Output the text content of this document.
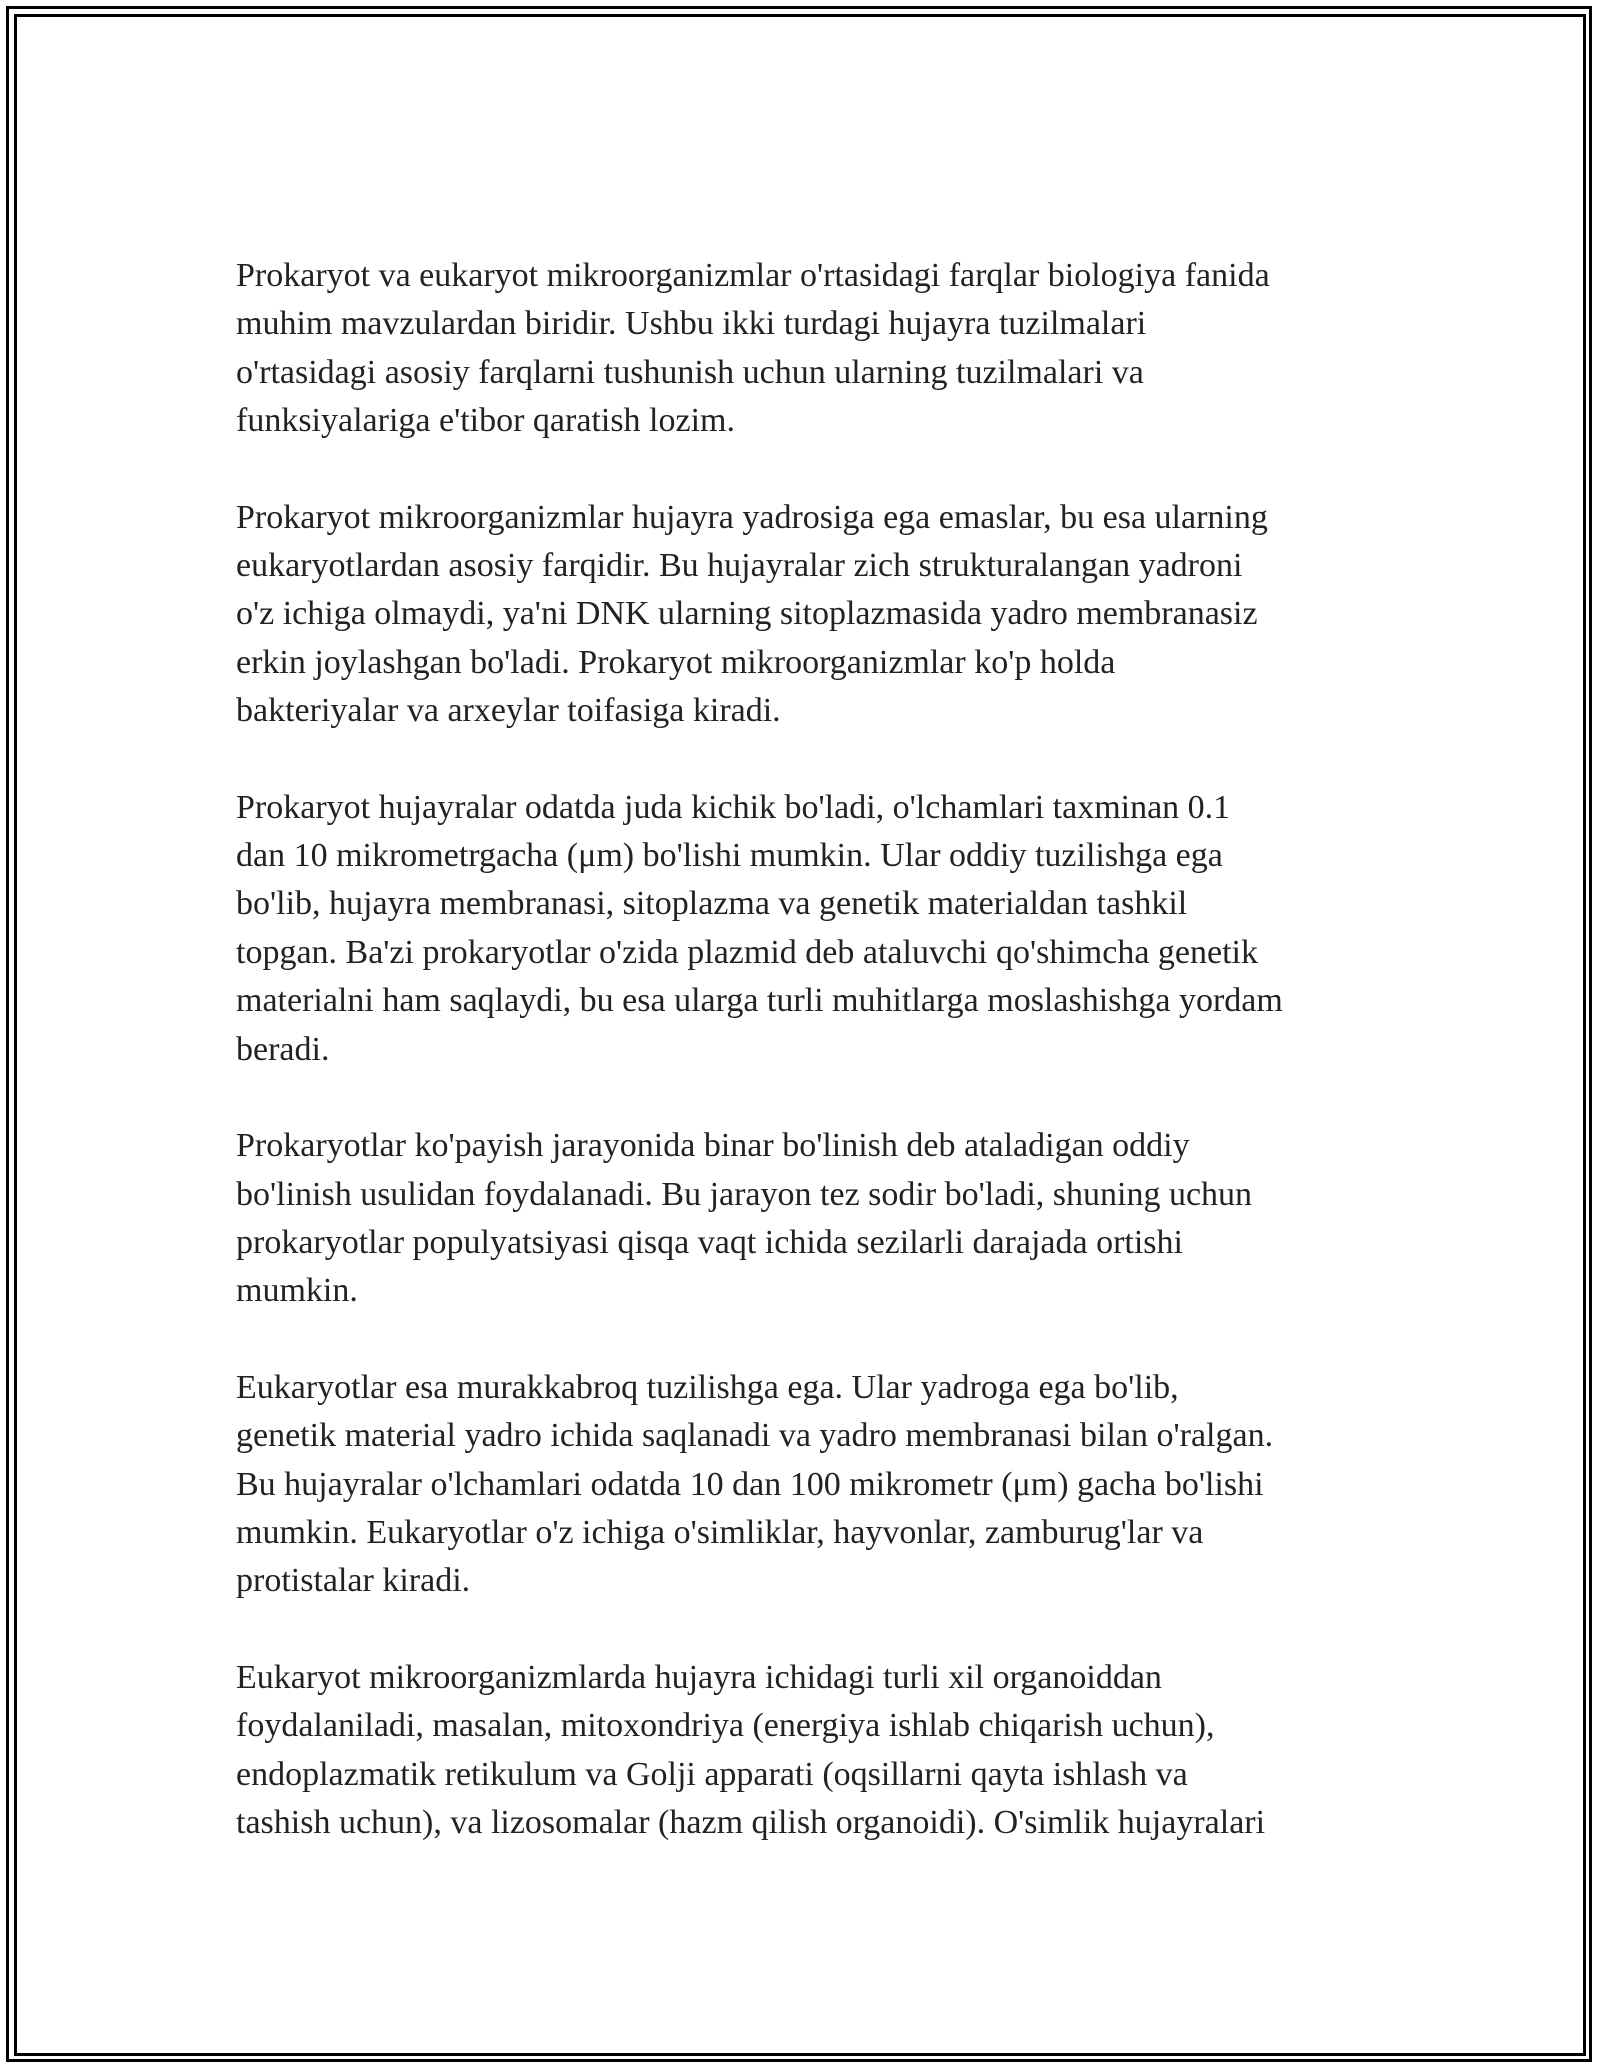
Prokaryot va eukaryot mikroorganizmlar o'rtasidagi farqlar biologiya fanida
muhim mavzulardan biridir. Ushbu ikki turdagi hujayra tuzilmalari
o'rtasidagi asosiy farqlarni tushunish uchun ularning tuzilmalari va
funksiyalariga e'tibor qaratish lozim.

Prokaryot mikroorganizmlar hujayra yadrosiga ega emaslar, bu esa ularning
eukaryotlardan asosiy farqidir. Bu hujayralar zich strukturalangan yadroni
o'z ichiga olmaydi, ya'ni DNK ularning sitoplazmasida yadro membranasiz
erkin joylashgan bo'ladi. Prokaryot mikroorganizmlar ko'p holda
bakteriyalar va arxeylar toifasiga kiradi.

Prokaryot hujayralar odatda juda kichik bo'ladi, o'lchamlari taxminan 0.1
dan 10 mikrometrgacha (μm) bo'lishi mumkin. Ular oddiy tuzilishga ega
bo'lib, hujayra membranasi, sitoplazma va genetik materialdan tashkil
topgan. Ba'zi prokaryotlar o'zida plazmid deb ataluvchi qo'shimcha genetik
materialni ham saqlaydi, bu esa ularga turli muhitlarga moslashishga yordam
beradi.

Prokaryotlar ko'payish jarayonida binar bo'linish deb ataladigan oddiy
bo'linish usulidan foydalanadi. Bu jarayon tez sodir bo'ladi, shuning uchun
prokaryotlar populyatsiyasi qisqa vaqt ichida sezilarli darajada ortishi
mumkin.

Eukaryotlar esa murakkabroq tuzilishga ega. Ular yadroga ega bo'lib,
genetik material yadro ichida saqlanadi va yadro membranasi bilan o'ralgan.
Bu hujayralar o'lchamlari odatda 10 dan 100 mikrometr (μm) gacha bo'lishi
mumkin. Eukaryotlar o'z ichiga o'simliklar, hayvonlar, zamburug'lar va
protistalar kiradi.

Eukaryot mikroorganizmlarda hujayra ichidagi turli xil organoiddan
foydalaniladi, masalan, mitoxondriya (energiya ishlab chiqarish uchun),
endoplazmatik retikulum va Golji apparati (oqsillarni qayta ishlash va
tashish uchun), va lizosomalar (hazm qilish organoidi). O'simlik hujayralari
